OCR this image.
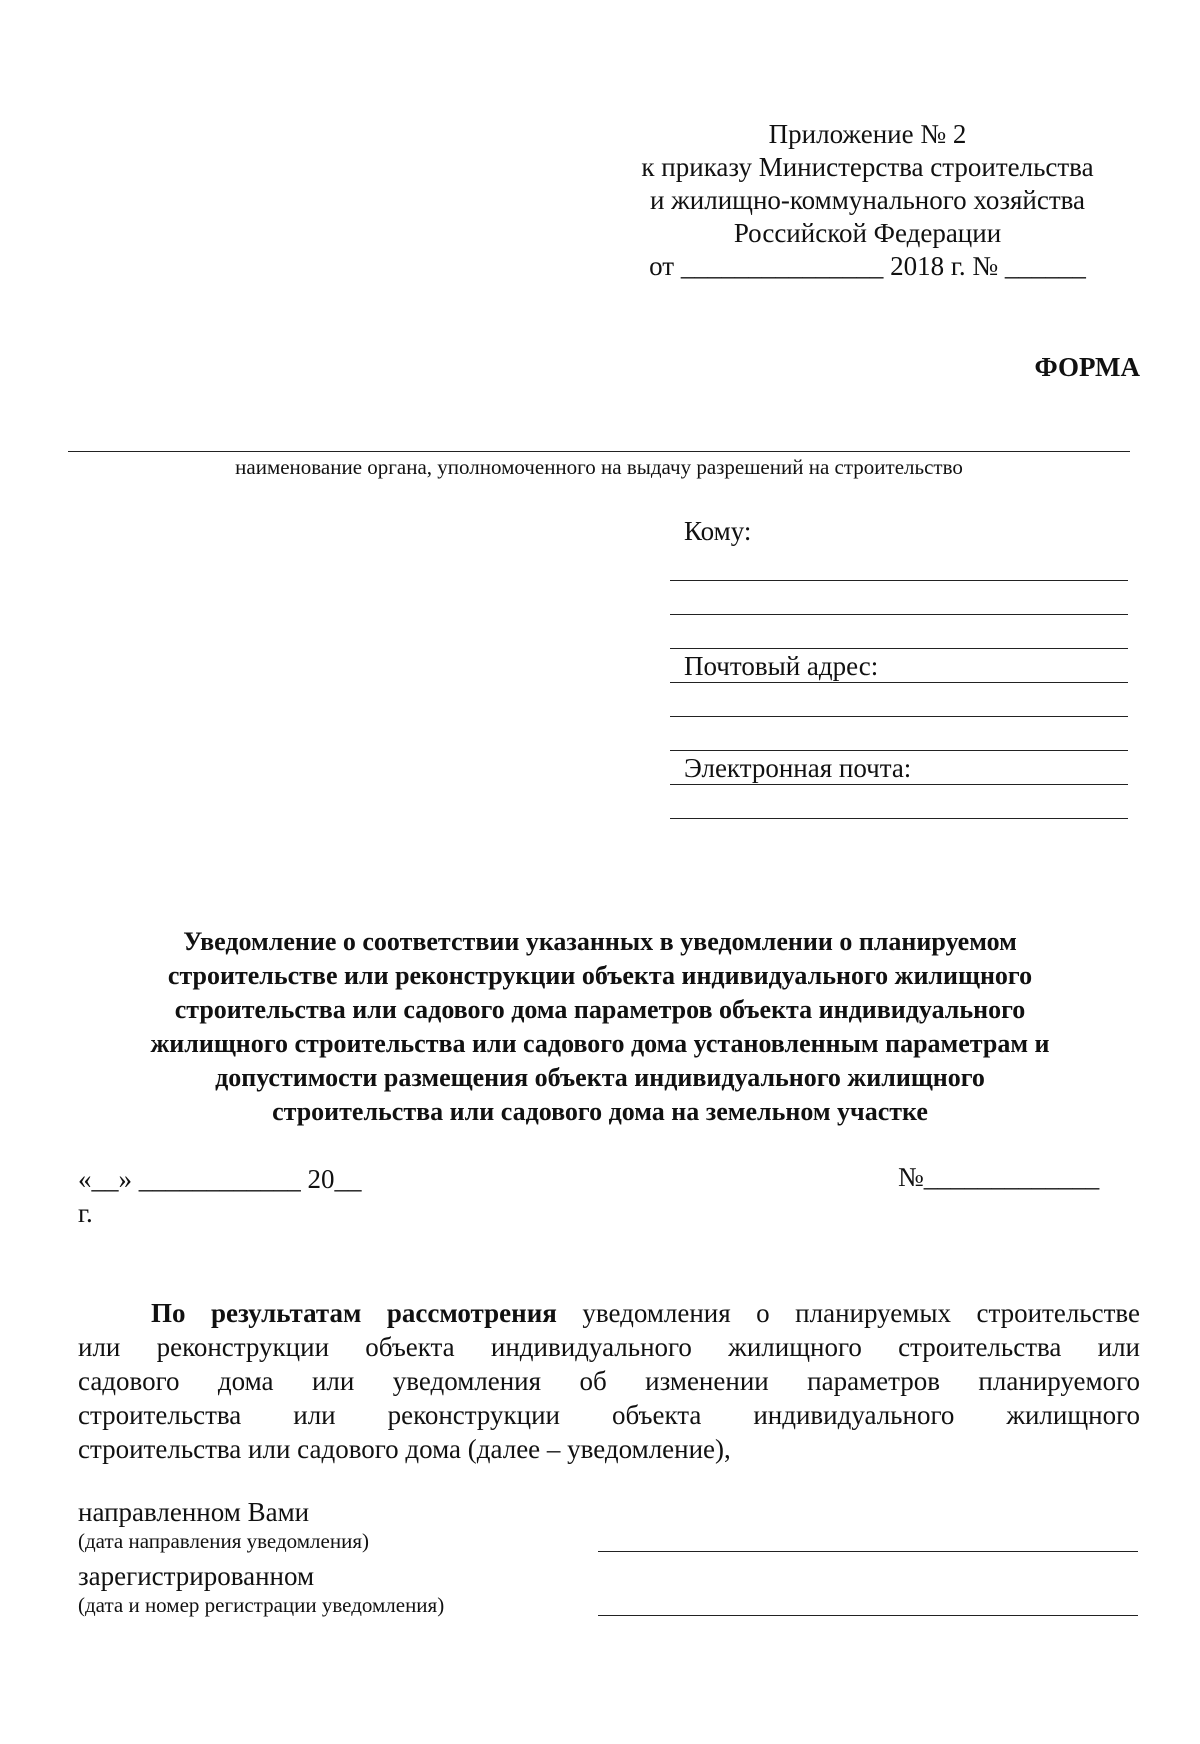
Приложение № 2
к приказу Министерства строительства
и жилищно-коммунального хозяйства
Российской Федерации
от _______________ 2018 г. № ______
ФОРМА
наименование органа, уполномоченного на выдачу разрешений на строительство
Кому:
Почтовый адрес:
Электронная почта:
Уведомление о соответствии указанных в уведомлении о планируемом
строительстве или реконструкции объекта индивидуального жилищного
строительства или садового дома параметров объекта индивидуального
жилищного строительства или садового дома установленным параметрам и
допустимости размещения объекта индивидуального жилищного
строительства или садового дома на земельном участке
«__» ____________ 20__
г.
№_____________
По результатам рассмотрения уведомления о планируемых строительстве
или реконструкции объекта индивидуального жилищного строительства или
садового дома или уведомления об изменении параметров планируемого
строительства или реконструкции объекта индивидуального жилищного
строительства или садового дома (далее – уведомление),
направленном Вами
(дата направления уведомления)
зарегистрированном
(дата и номер регистрации уведомления)
